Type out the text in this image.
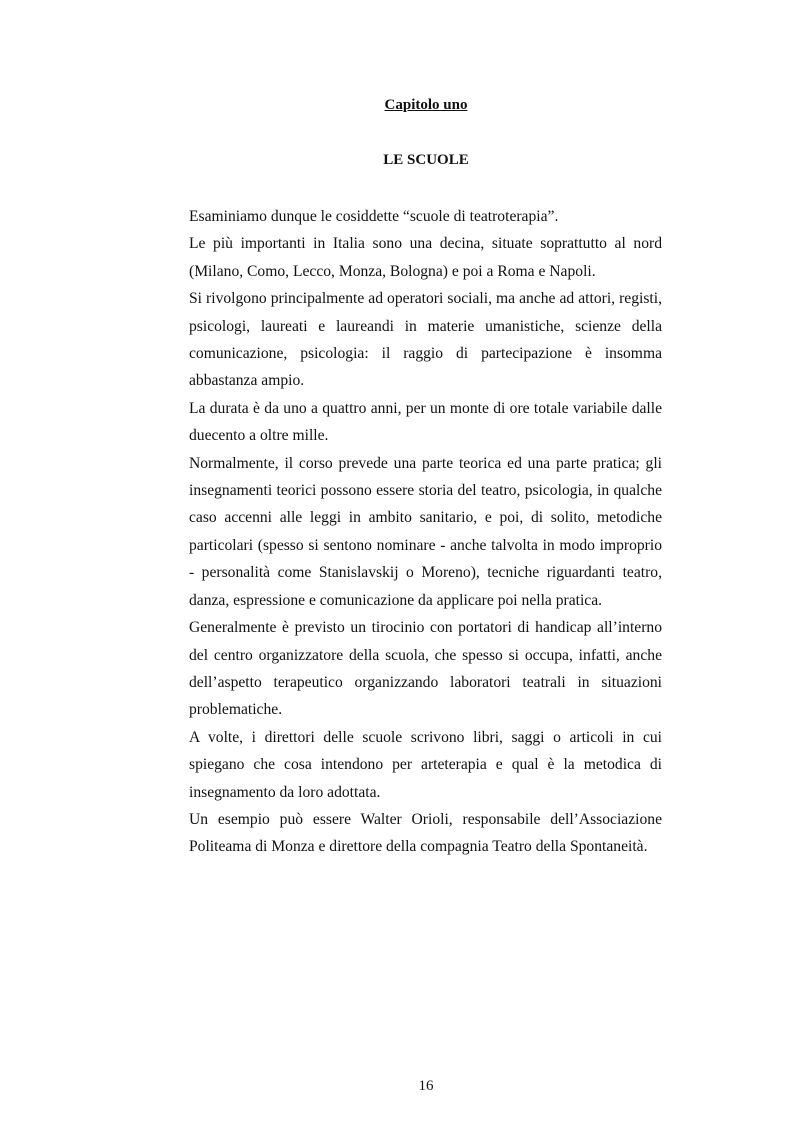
Capitolo uno
LE SCUOLE

Esaminiamo dunque le cosiddette “scuole di teatroterapia”.

Le più importanti in Italia sono una decina, situate soprattutto al nord (Milano, Como, Lecco, Monza, Bologna) e poi a Roma e Napoli.

Si rivolgono principalmente ad operatori sociali, ma anche ad attori, registi, psicologi, laureati e laureandi in materie umanistiche, scienze della comunicazione, psicologia: il raggio di partecipazione è insomma abbastanza ampio.

La durata è da uno a quattro anni, per un monte di ore totale variabile dalle duecento a oltre mille.

Normalmente, il corso prevede una parte teorica ed una parte pratica; gli insegnamenti teorici possono essere storia del teatro, psicologia, in qualche caso accenni alle leggi in ambito sanitario, e poi, di solito, metodiche particolari (spesso si sentono nominare - anche talvolta in modo improprio - personalità come Stanislavskij o Moreno), tecniche riguardanti teatro, danza, espressione e comunicazione da applicare poi nella pratica.

Generalmente è previsto un tirocinio con portatori di handicap all’interno del centro organizzatore della scuola, che spesso si occupa, infatti, anche dell’aspetto terapeutico organizzando laboratori teatrali in situazioni problematiche.

A volte, i direttori delle scuole scrivono libri, saggi o articoli in cui spiegano che cosa intendono per arteterapia e qual è la metodica di insegnamento da loro adottata.

Un esempio può essere Walter Orioli, responsabile dell’Associazione Politeama di Monza e direttore della compagnia Teatro della Spontaneità.

16
